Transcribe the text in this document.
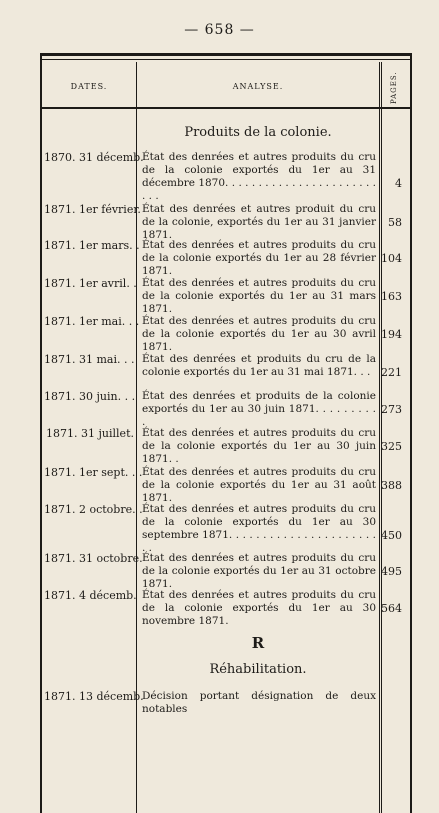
— 658 —
DATES.	ANALYSE.	PAGES.
Produits de la colonie.
1870. 31 décemb.
État des denrées et autres produits du cru de la colonie exportés du 1er au 31 décembre 1870. . . . . . . . . . . . . . . . . . . . . . . . . .
4
1871. 1er février. État des denrées et autres produit du cru de la colonie, exportés du 1er au 31 janvier 1871.
58
1871. 1er mars. . État des denrées et autres produits du cru de la colonie exportés du 1er au 28 février 1871.
104
1871. 1er avril. . État des denrées et autres produits du cru de la colonie exportés du 1er au 31 mars 1871.
163
1871. 1er mai. . . État des denrées et autres produits du cru de la colonie exportés du 1er au 30 avril 1871.
194
1871. 31 mai. . . État des denrées et produits du cru de la colonie exportés du 1er au 31 mai 1871. . . 221
1871. 30 juin. . . État des denrées et produits de la colonie exportés du 1er au 30 juin 1871. . . . . . . . . .
273
1871. 31 juillet. État des denrées et autres produits du cru de la colonie exportés du 1er au 30 juin 1871. .
325
1871. 1er sept. . . État des denrées et autres produits du cru de la colonie exportés du 1er au 31 août 1871.
388
1871. 2 octobre. . État des denrées et autres produits du cru de la colonie exportés du 1er au 30 septembre 1871. . . . . . . . . . . . . . . . . . . . . . . .
450
1871. 31 octobre. État des denrées et autres produits du cru de la colonie exportés du 1er au 31 octobre 1871.
495
1871. 4 décemb. État des denrées et autres produits du cru de la colonie exportés du 1er au 30 novembre 1871.
564
R
Réhabilitation.
1871. 13 décemb.
Décision portant désignation de deux notables
